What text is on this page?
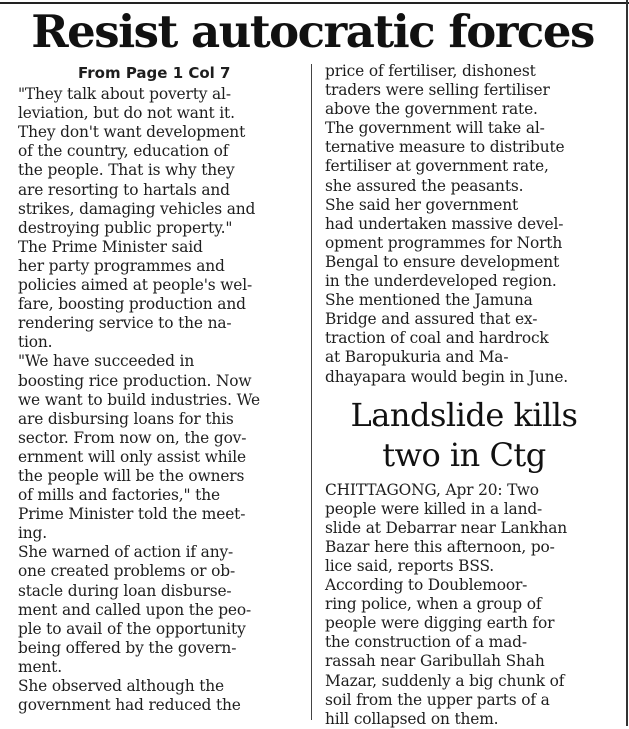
Resist autocratic forces
From Page 1 Col 7
"They talk about poverty al-
leviation, but do not want it.
They don't want development
of the country, education of
the people. That is why they
are resorting to hartals and
strikes, damaging vehicles and
destroying public property."
The Prime Minister said
her party programmes and
policies aimed at people's wel-
fare, boosting production and
rendering service to the na-
tion.
"We have succeeded in
boosting rice production. Now
we want to build industries. We
are disbursing loans for this
sector. From now on, the gov-
ernment will only assist while
the people will be the owners
of mills and factories," the
Prime Minister told the meet-
ing.
She warned of action if any-
one created problems or ob-
stacle during loan disburse-
ment and called upon the peo-
ple to avail of the opportunity
being offered by the govern-
ment.
She observed although the
government had reduced the
price of fertiliser, dishonest
traders were selling fertiliser
above the government rate.
The government will take al-
ternative measure to distribute
fertiliser at government rate,
she assured the peasants.
She said her government
had undertaken massive devel-
opment programmes for North
Bengal to ensure development
in the underdeveloped region.
She mentioned the Jamuna
Bridge and assured that ex-
traction of coal and hardrock
at Baropukuria and Ma-
dhayapara would begin in June.
Landslide kills
two in Ctg
CHITTAGONG, Apr 20: Two
people were killed in a land-
slide at Debarrar near Lankhan
Bazar here this afternoon, po-
lice said, reports BSS.
According to Doublemoor-
ring police, when a group of
people were digging earth for
the construction of a mad-
rassah near Garibullah Shah
Mazar, suddenly a big chunk of
soil from the upper parts of a
hill collapsed on them.
